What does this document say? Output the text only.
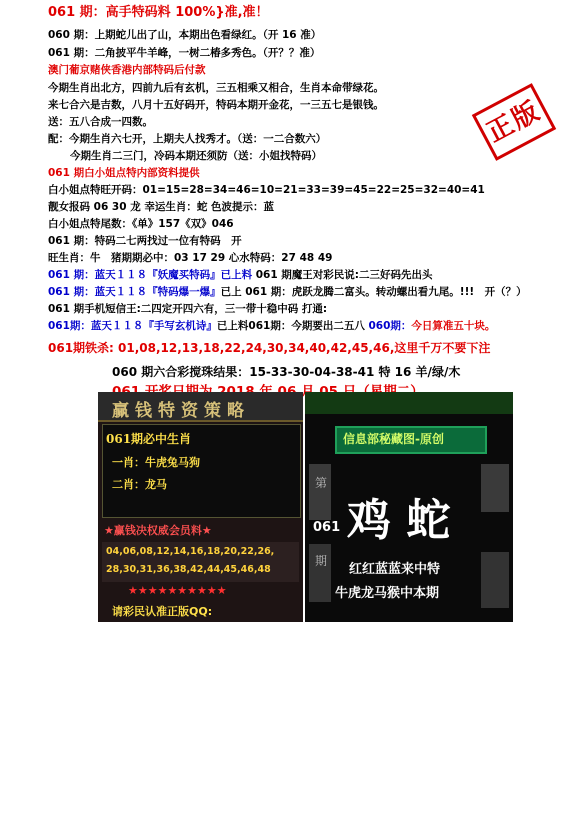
061 期：高手特码料 100%}准,准！
060 期：上期蛇儿出了山，本期出色看绿红。（开 16 准）
061 期：二角披平牛羊峰，一树二椿多秀色。（开？？准）
澳门葡京赌侠香港内部特码后付款
今期生肖出北方，四前九后有玄机，三五相乘又相合，生肖本命带绿花。
来七合六是吉数，八月十五好码开，特码本期开金花，一三五七是银钱。
送：五八合成一四数。
配：今期生肖六七开，上期夫人找秀才。（送：一二合数六）
今期生肖二三门，冷码本期还须防（送：小姐找特码）
061 期白小姐点特内部资料提供
白小姐点特旺开码：01=15=28=34=46=10=21=33=39=45=22=25=32=40=41
靓女报码 06 30 龙 幸运生肖：蛇 色波提示：蓝
白小姐点特尾数：《单》157《双》046
061 期：特码二七两找过一位有特码　开
旺生肖：牛　猪期期必中：03 17 29 心水特码：27 48 49
061 期：蓝天１１８『妖魔买特码』已上料 061 期魔王对彩民说:二三好码先出头
061 期：蓝天１１８『特码爆一爆』已上 061 期：虎跃龙腾二富头。转动螺出看九尾。!!!　开（？）
061 期手机短信王:二四定开四六有，三一带十稳中码 打通:
061期：蓝天１１８『手写玄机诗』已上料061期：今期要出二五八 060期：今日算准五十块。
061期铁杀: 01,08,12,13,18,22,24,30,34,40,42,45,46,这里千万不要下注
060 期六合彩搅珠结果：15-33-30-04-38-41 特 16 羊/绿/木
正版
赢钱特资策略
061期必中生肖
一肖：牛虎兔马狗
二肖：龙马
★赢钱决权威会员料★
04,06,08,12,14,16,18,20,22,26,
28,30,31,36,38,42,44,45,46,48
★★★★★★★★★★
请彩民认准正版QQ:
信息部秘藏图-原创
第
期
061 鸡 蛇
红红蓝蓝来中特
牛虎龙马猴中本期
